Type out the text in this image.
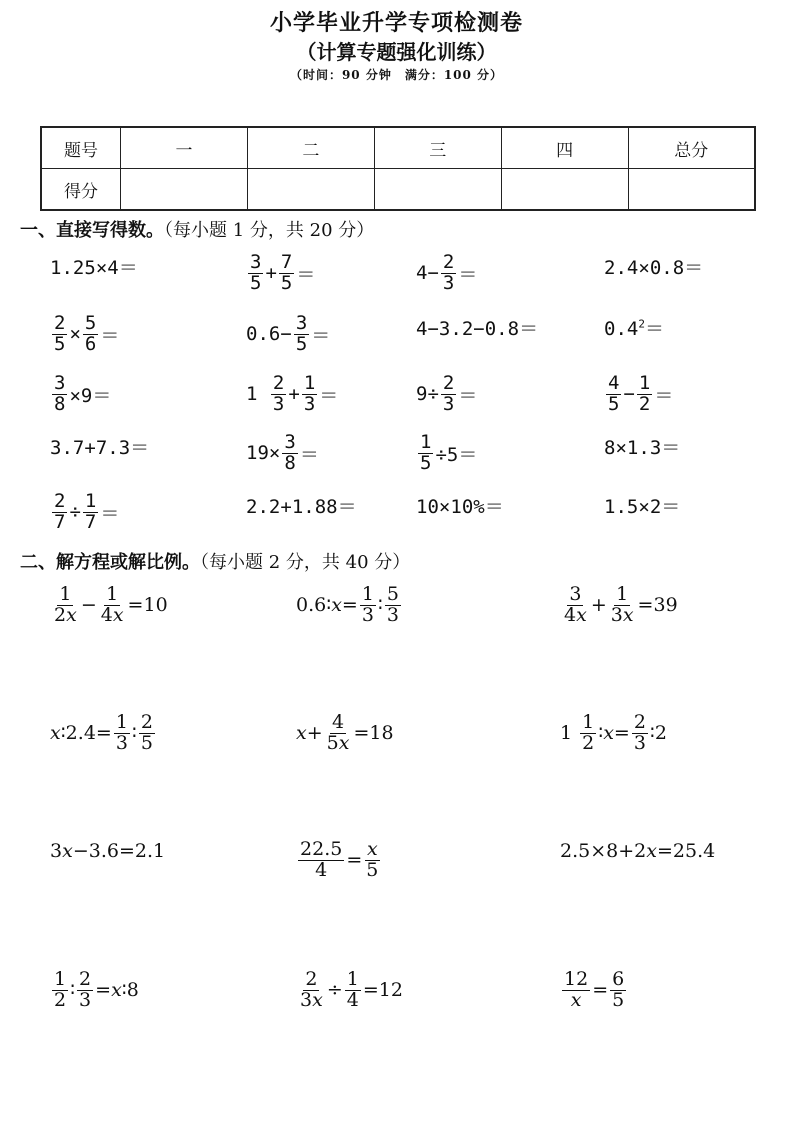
小学毕业升学专项检测卷
（计算专题强化训练）
（时间：90 分钟　满分：100 分）
题号	一	二	三	四	总分
得分					
一、直接写得数。（每小题 1 分，共 20 分）
二、解方程或解比例。（每小题 2 分，共 40 分）
1.25×4＝	$\frac{3}{5} + \frac{7}{5}$ ＝	$4- \frac{2}{3}$ ＝	2.4×0.8＝
$\frac{2}{5} \times \frac{5}{6}$ ＝	$0.6- \frac{3}{5}$ ＝	4−3.2−0.8＝	$0.4^2=$
$\frac{3}{8} \times 9=$	$1 \frac{2}{3} + \frac{1}{3}$ ＝	$9\div \frac{2}{3}$ ＝	$\frac{4}{5} - \frac{1}{2}$ ＝
3.7+7.3＝	$19\times \frac{3}{8}$ ＝	$\frac{1}{5} \div 5=$	8×1.3＝
$\frac{2}{7} \div \frac{1}{7}$ ＝	2.2+1.88＝	10×10%＝	1.5×2＝
$\frac{1}{2x} - \frac{1}{4x} =10$	0.6∶x= $\frac{1}{3}$ ∶ $\frac{5}{3}$	$\frac{3}{4x} + \frac{1}{3x} =39$
x∶2.4= $\frac{1}{3}$ ∶ $\frac{2}{5}$	$x+ \frac{4}{5x} =18$	$1 \frac{1}{2}$ ∶x= $\frac{2}{3}$ ∶2
3x−3.6=2.1	$\frac{22.5}{4} = \frac{x}{5}$	2.5×8+2x=25.4
$\frac{1}{2}$ ∶ $\frac{2}{3}$ =x∶8	$\frac{2}{3x} \div \frac{1}{4} =12$	$\frac{12}{x} = \frac{6}{5}$
